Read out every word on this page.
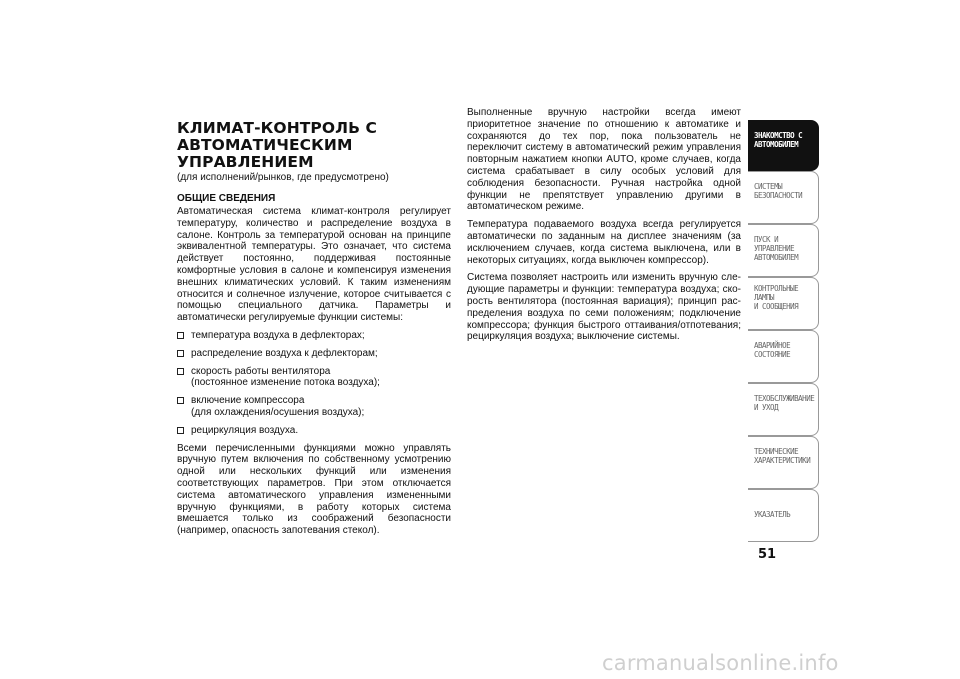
КЛИМАТ-КОНТРОЛЬ С
АВТОМАТИЧЕСКИМ УПРАВЛЕНИЕМ
(для исполнений/рынков, где предусмотрено)
ОБЩИЕ СВЕДЕНИЯ

Автоматическая система климат-контроля регулирует температуру, количество и распределение воздуха в салоне. Контроль за температурой основан на принципе эквивалентной температуры. Это означает, что система действует постоянно, поддерживая постоянные комфортные условия в салоне и компенсируя изменения внешних климатических условий. К таким изменениям относится и солнечное излучение, которое считывается с помощью специального датчика. Параметры и автоматически регулируемые функции системы:

температура воздуха в дефлекторах;
распределение воздуха к дефлекторам;
скорость работы вентилятора
(постоянное изменение потока воздуха);
включение компрессора
(для охлаждения/осушения воздуха);
рециркуляция воздуха.

Всеми перечисленными функциями можно управлять вручную путем включения по собственному усмотрению одной или нескольких функций или изменения соответствующих параметров. При этом отключается система автоматического управления измененными вручную функциями, в работу которых система вмешается только из соображений безопасности (например, опасность запотевания стекол).

Выполненные вручную настройки всегда имеют приоритетное значение по отношению к автоматике и сохраняются до тех пор, пока пользователь не переключит систему в автоматический режим управления повторным нажатием кнопки AUTO, кроме случаев, когда система срабатывает в силу особых условий для соблюдения безопасности. Ручная настройка одной функции не препятствует управлению другими в автоматическом режиме.

Температура подаваемого воздуха всегда регулируется автоматически по заданным на дисплее значениям (за исключением случаев, когда система выключена, или в некоторых ситуациях, когда выключен компрессор).

Система позволяет настроить или изменить вручную следующие параметры и функции: температура воздуха; скорость вентилятора (постоянная вариация); принцип распределения воздуха по семи положениям; подключение компрессора; функция быстрого оттаивания/отпотевания; рециркуляция воздуха; выключение системы.

ЗНАКОМСТВО С
АВТОМОБИЛЕМ
СИСТЕМЫ
БЕЗОПАСНОСТИ
ПУСК И УПРАВЛЕНИЕ
АВТОМОБИЛЕМ
КОНТРОЛЬНЫЕ
ЛАМПЫ
И СООБЩЕНИЯ
АВАРИЙНОЕ
СОСТОЯНИЕ
ТЕХОБСЛУЖИВАНИЕ
И УХОД
ТЕХНИЧЕСКИЕ
ХАРАКТЕРИСТИКИ
УКАЗАТЕЛЬ
51
carmanualsonline.info
